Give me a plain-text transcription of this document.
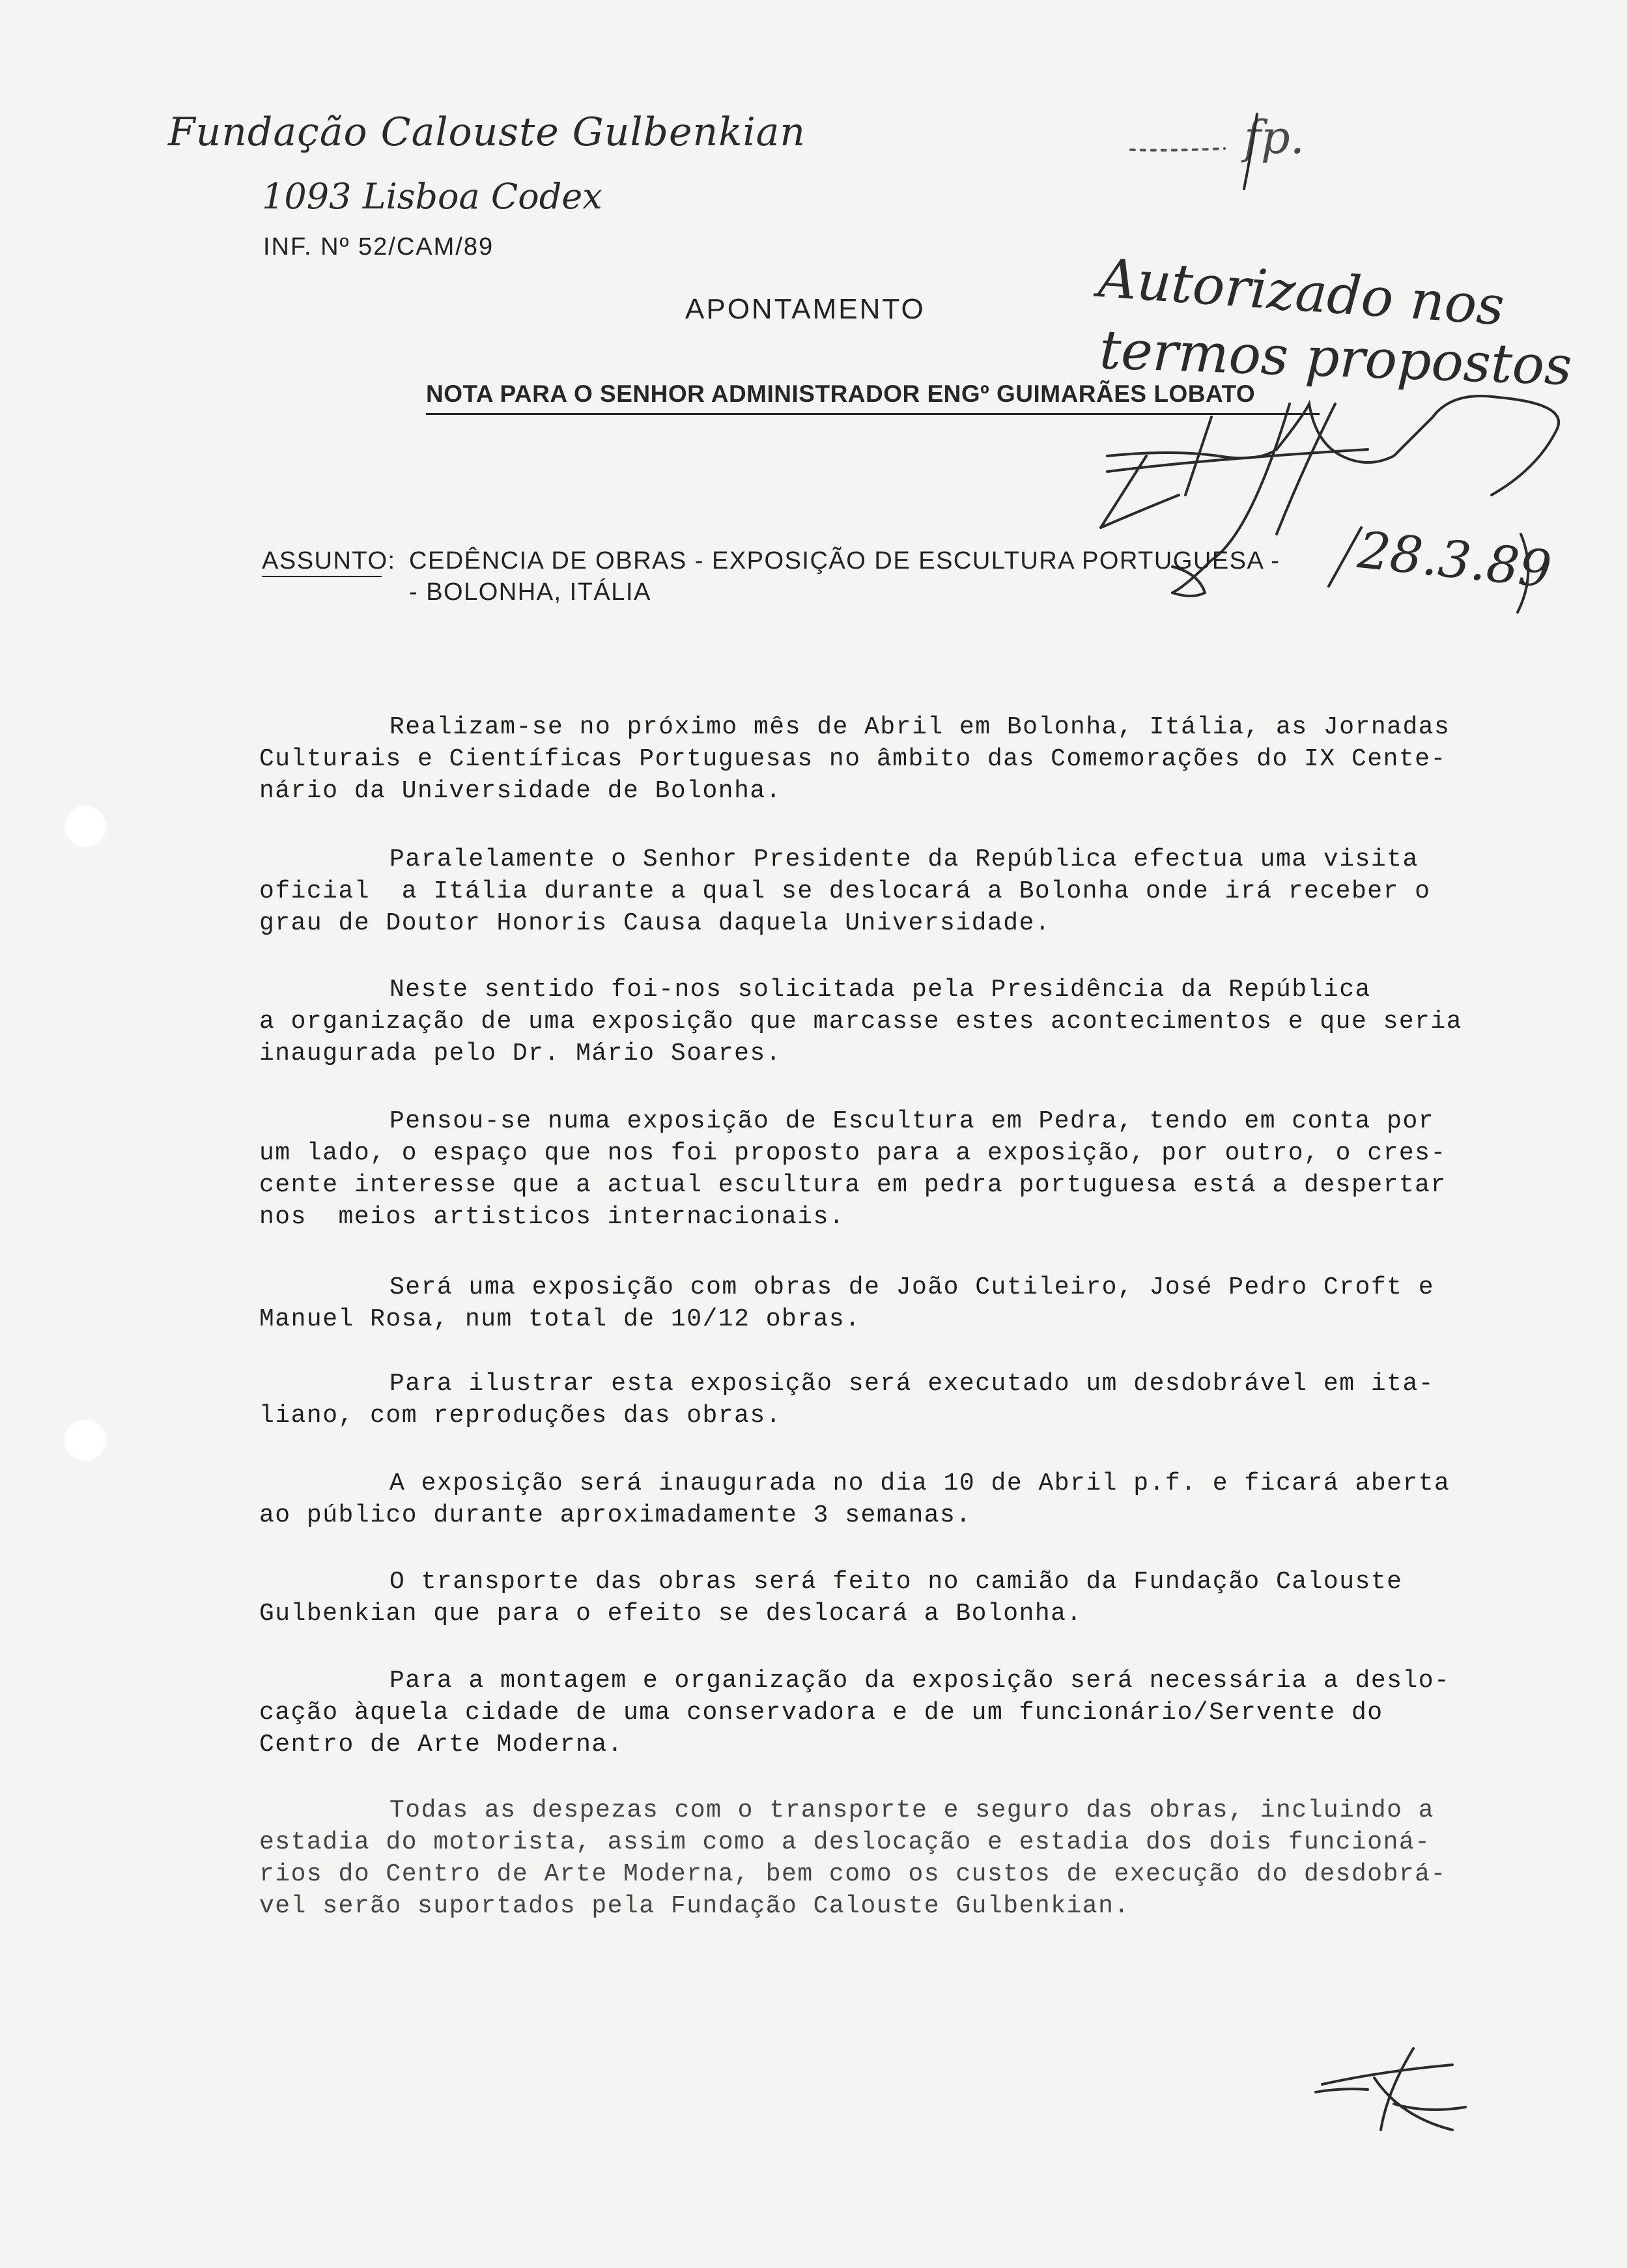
Fundação Calouste Gulbenkian
1093 Lisboa Codex
INF. Nº 52/CAM/89
APONTAMENTO
NOTA PARA O SENHOR ADMINISTRADOR ENGº GUIMARÃES LOBATO
fp.
Autorizado nos
termos propostos
28.3.89
ASSUNTO: CEDÊNCIA DE OBRAS - EXPOSIÇÃO DE ESCULTURA PORTUGUESA -
- BOLONHA, ITÁLIA
Realizam-se no próximo mês de Abril em Bolonha, Itália, as Jornadas
Culturais e Científicas Portuguesas no âmbito das Comemorações do IX Cente-
nário da Universidade de Bolonha.
Paralelamente o Senhor Presidente da República efectua uma visita
oficial  a Itália durante a qual se deslocará a Bolonha onde irá receber o
grau de Doutor Honoris Causa daquela Universidade.
Neste sentido foi-nos solicitada pela Presidência da República
a organização de uma exposição que marcasse estes acontecimentos e que seria
inaugurada pelo Dr. Mário Soares.
Pensou-se numa exposição de Escultura em Pedra, tendo em conta por
um lado, o espaço que nos foi proposto para a exposição, por outro, o cres-
cente interesse que a actual escultura em pedra portuguesa está a despertar
nos  meios artisticos internacionais.
Será uma exposição com obras de João Cutileiro, José Pedro Croft e
Manuel Rosa, num total de 10/12 obras.
Para ilustrar esta exposição será executado um desdobrável em ita-
liano, com reproduções das obras.
A exposição será inaugurada no dia 10 de Abril p.f. e ficará aberta
ao público durante aproximadamente 3 semanas.
O transporte das obras será feito no camião da Fundação Calouste
Gulbenkian que para o efeito se deslocará a Bolonha.
Para a montagem e organização da exposição será necessária a deslo-
cação àquela cidade de uma conservadora e de um funcionário/Servente do
Centro de Arte Moderna.
Todas as despezas com o transporte e seguro das obras, incluindo a
estadia do motorista, assim como a deslocação e estadia dos dois funcioná-
rios do Centro de Arte Moderna, bem como os custos de execução do desdobrá-
vel serão suportados pela Fundação Calouste Gulbenkian.
